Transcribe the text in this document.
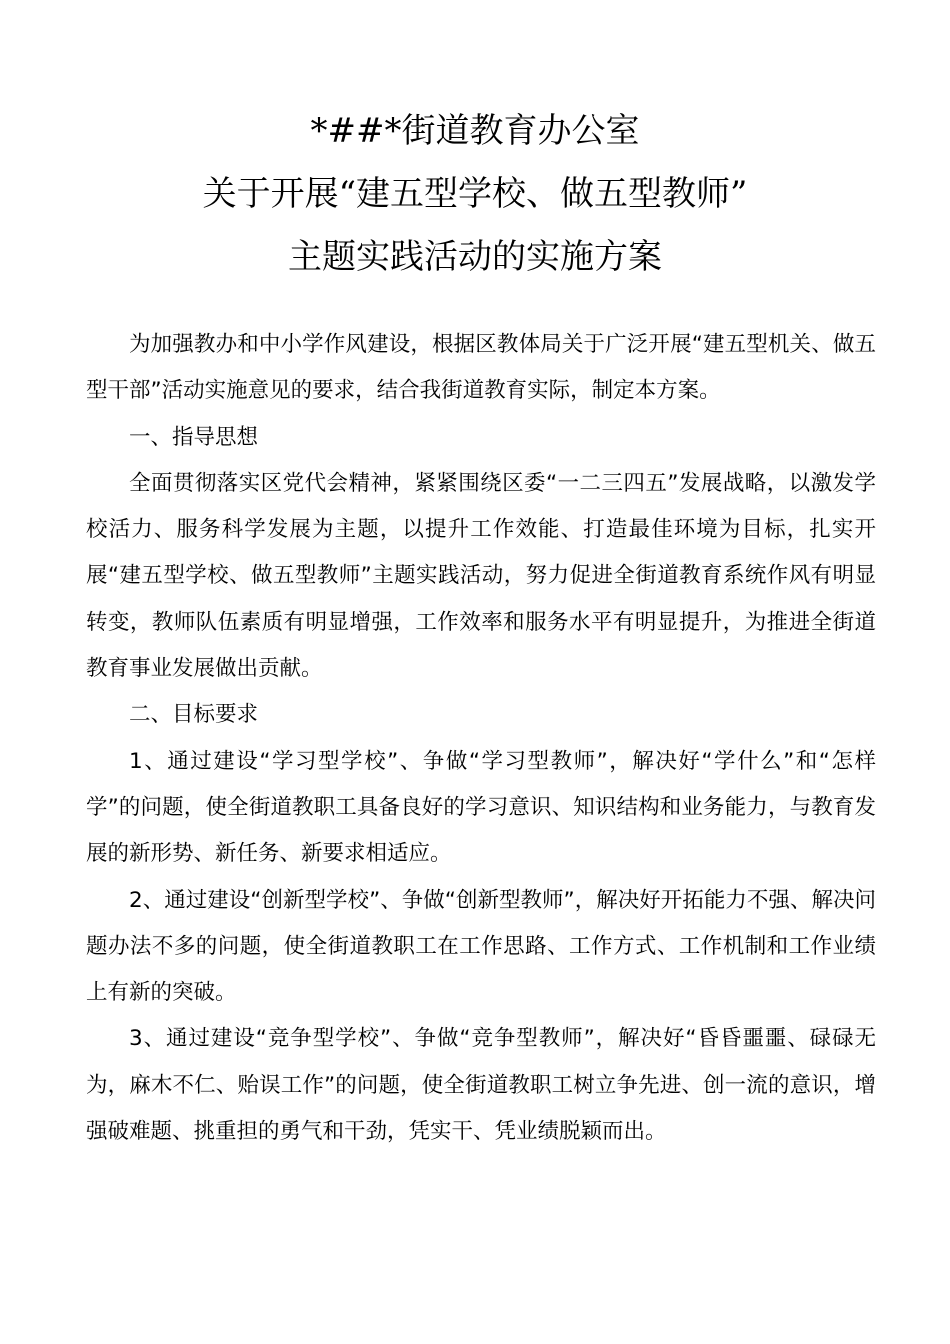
*##*街道教育办公室
关于开展“建五型学校、做五型教师”
主题实践活动的实施方案

为加强教办和中小学作风建设，根据区教体局关于广泛开展“建五型机关、做五型干部”活动实施意见的要求，结合我街道教育实际，制定本方案。

一、指导思想

全面贯彻落实区党代会精神，紧紧围绕区委“一二三四五”发展战略，以激发学校活力、服务科学发展为主题，以提升工作效能、打造最佳环境为目标，扎实开展“建五型学校、做五型教师”主题实践活动，努力促进全街道教育系统作风有明显转变，教师队伍素质有明显增强，工作效率和服务水平有明显提升，为推进全街道教育事业发展做出贡献。

二、目标要求

1、通过建设“学习型学校”、争做“学习型教师”，解决好“学什么”和“怎样学”的问题，使全街道教职工具备良好的学习意识、知识结构和业务能力，与教育发展的新形势、新任务、新要求相适应。

2、通过建设“创新型学校”、争做“创新型教师”，解决好开拓能力不强、解决问题办法不多的问题，使全街道教职工在工作思路、工作方式、工作机制和工作业绩上有新的突破。

3、通过建设“竞争型学校”、争做“竞争型教师”，解决好“昏昏噩噩、碌碌无为，麻木不仁、贻误工作”的问题，使全街道教职工树立争先进、创一流的意识，增强破难题、挑重担的勇气和干劲，凭实干、凭业绩脱颖而出。
